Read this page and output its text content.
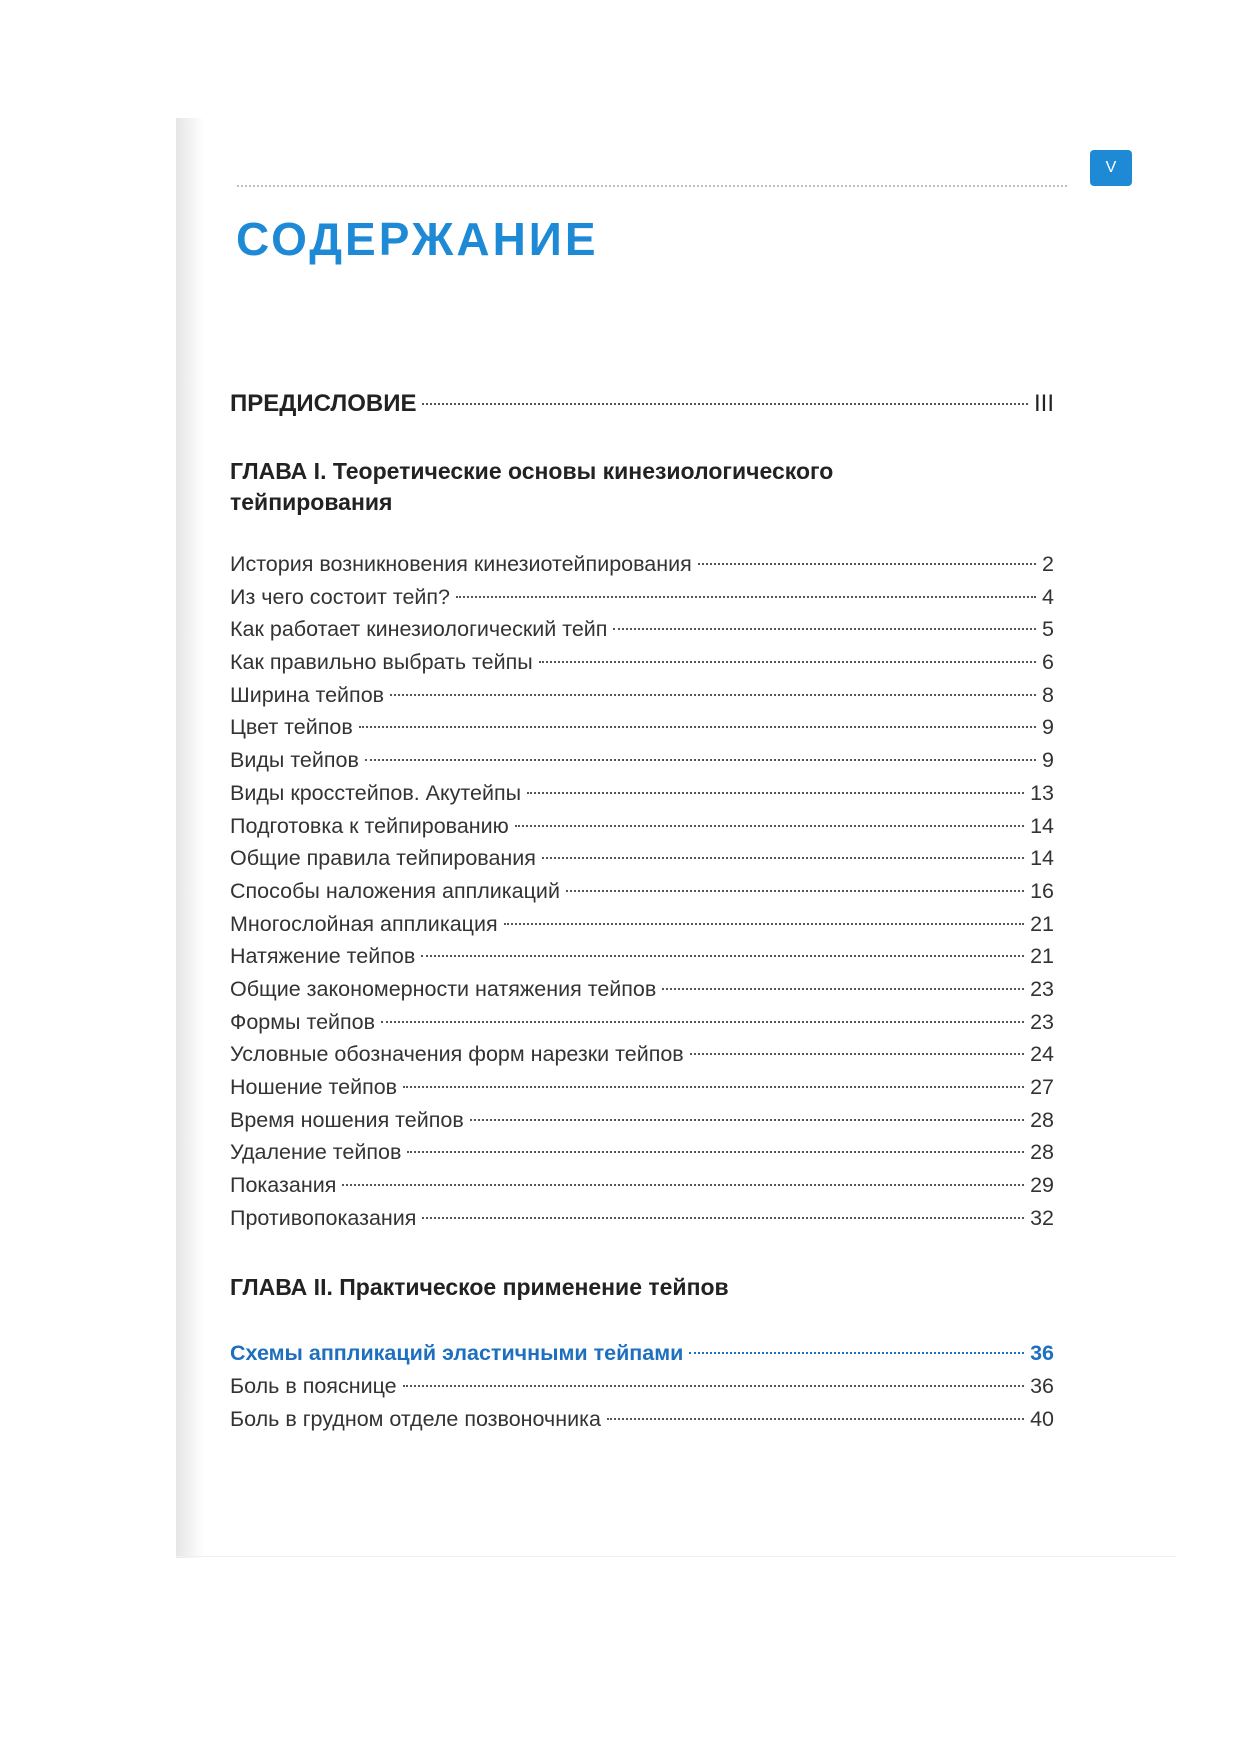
V
СОДЕРЖАНИЕ
ПРЕДИСЛОВИЕ	III
ГЛАВА I. Теоретические основы кинезиологического
тейпирования
История возникновения кинезиотейпирования	2
Из чего состоит тейп?	4
Как работает кинезиологический тейп	5
Как правильно выбрать тейпы	6
Ширина тейпов	8
Цвет тейпов	9
Виды тейпов	9
Виды кросстейпов. Акутейпы	13
Подготовка к тейпированию	14
Общие правила тейпирования	14
Способы наложения аппликаций	16
Многослойная аппликация	21
Натяжение тейпов	21
Общие закономерности натяжения тейпов	23
Формы тейпов	23
Условные обозначения форм нарезки тейпов	24
Ношение тейпов	27
Время ношения тейпов	28
Удаление тейпов	28
Показания	29
Противопоказания	32
ГЛАВА II. Практическое применение тейпов
Схемы аппликаций эластичными тейпами	36
Боль в пояснице	36
Боль в грудном отделе позвоночника	40
